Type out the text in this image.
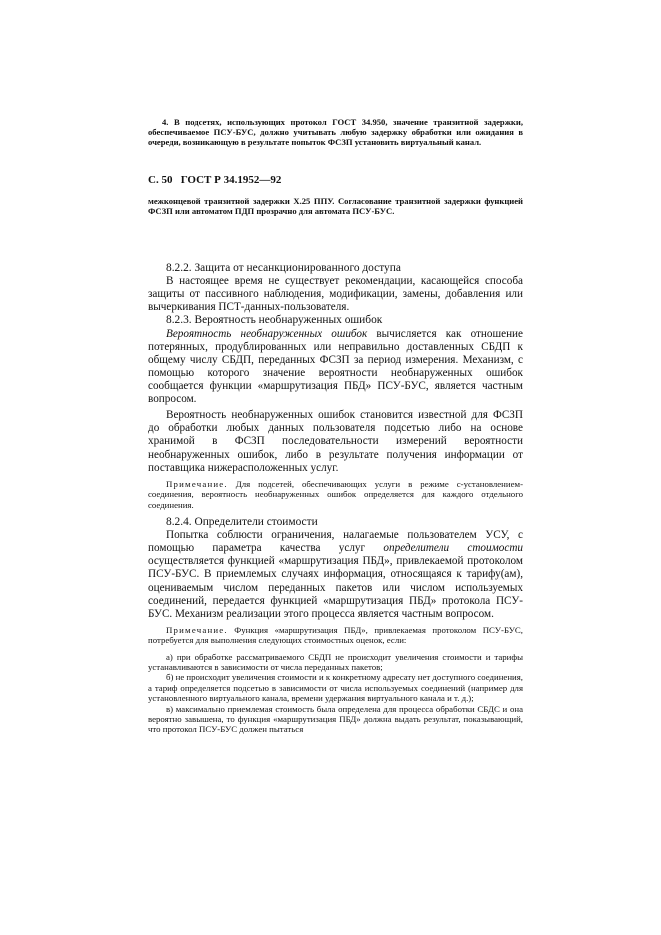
4. В подсетях, использующих протокол ГОСТ 34.950, значение транзитной задержки, обеспечиваемое ПСУ-БУС, должно учитывать любую задержку обработки или ожидания в очереди, возникающую в результате попыток ФСЗП установить виртуальный канал.

С. 50 ГОСТ Р 34.1952—92

межконцевой транзитной задержки Х.25 ППУ. Согласование транзитной задержки функцией ФСЗП или автоматом ПДП прозрачно для автомата ПСУ-БУС.

8.2.2. Защита от несанкционированного доступа

В настоящее время не существует рекомендации, касающейся способа защиты от пассивного наблюдения, модификации, замены, добавления или вычеркивания ПСТ-данных-пользователя.

8.2.3. Вероятность необнаруженных ошибок

Вероятность необнаруженных ошибок вычисляется как отношение потерянных, продублированных или неправильно доставленных СБДП к общему числу СБДП, переданных ФСЗП за период измерения. Механизм, с помощью которого значение вероятности необнаруженных ошибок сообщается функции «маршрутизация ПБД» ПСУ-БУС, является частным вопросом.

Вероятность необнаруженных ошибок становится известной для ФСЗП до обработки любых данных пользователя подсетью либо на основе хранимой в ФСЗП последовательности измерений вероятности необнаруженных ошибок, либо в результате получения информации от поставщика нижерасположенных услуг.

Примечание. Для подсетей, обеспечивающих услуги в режиме с-установлением-соединения, вероятность необнаруженных ошибок определяется для каждого отдельного соединения.

8.2.4. Определители стоимости

Попытка соблюсти ограничения, налагаемые пользователем УСУ, с помощью параметра качества услуг определители стоимости осуществляется функцией «маршрутизация ПБД», привлекаемой протоколом ПСУ-БУС. В приемлемых случаях информация, относящаяся к тарифу(ам), оцениваемым числом переданных пакетов или числом используемых соединений, передается функцией «маршрутизация ПБД» протокола ПСУ-БУС. Механизм реализации этого процесса является частным вопросом.

Примечание. Функция «маршрутизация ПБД», привлекаемая протоколом ПСУ-БУС, потребуется для выполнения следующих стоимостных оценок, если:

а) при обработке рассматриваемого СБДП не происходит увеличения стоимости и тарифы устанавливаются в зависимости от числа переданных пакетов;

б) не происходит увеличения стоимости и к конкретному адресату нет доступного соединения, а тариф определяется подсетью в зависимости от числа используемых соединений (например для установленного виртуального канала, времени удержания виртуального канала и т. д.);

в) максимально приемлемая стоимость была определена для процесса обработки СБДС и она вероятно завышена, то функция «маршрутизация ПБД» должна выдать результат, показывающий, что протокол ПСУ-БУС должен пытаться
